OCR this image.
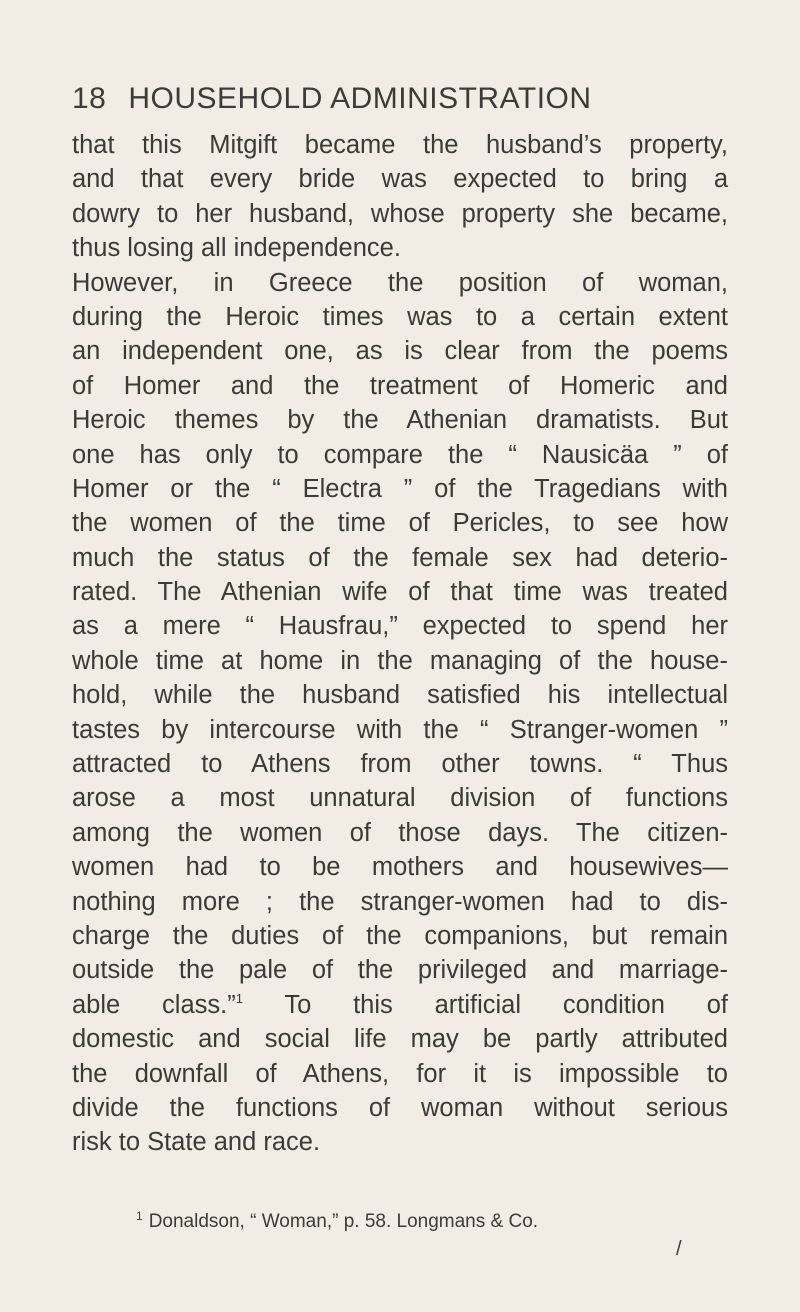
18 HOUSEHOLD ADMINISTRATION
that this Mitgift became the husband’s property,
and that every bride was expected to bring a
dowry to her husband, whose property she became,
thus losing all independence.
However, in Greece the position of woman,
during the Heroic times was to a certain extent
an independent one, as is clear from the poems
of Homer and the treatment of Homeric and
Heroic themes by the Athenian dramatists. But
one has only to compare the “ Nausicäa ” of
Homer or the “ Electra ” of the Tragedians with
the women of the time of Pericles, to see how
much the status of the female sex had deterio-
rated. The Athenian wife of that time was treated
as a mere “ Hausfrau,” expected to spend her
whole time at home in the managing of the house-
hold, while the husband satisfied his intellectual
tastes by intercourse with the “ Stranger-women ”
attracted to Athens from other towns. “ Thus
arose a most unnatural division of functions
among the women of those days. The citizen-
women had to be mothers and housewives—
nothing more ; the stranger-women had to dis-
charge the duties of the companions, but remain
outside the pale of the privileged and marriage-
able class.”$^1$ To this artificial condition of
domestic and social life may be partly attributed
the downfall of Athens, for it is impossible to
divide the functions of woman without serious
risk to State and race.
$^1$ Donaldson, “ Woman,” p. 58. Longmans & Co.
/
